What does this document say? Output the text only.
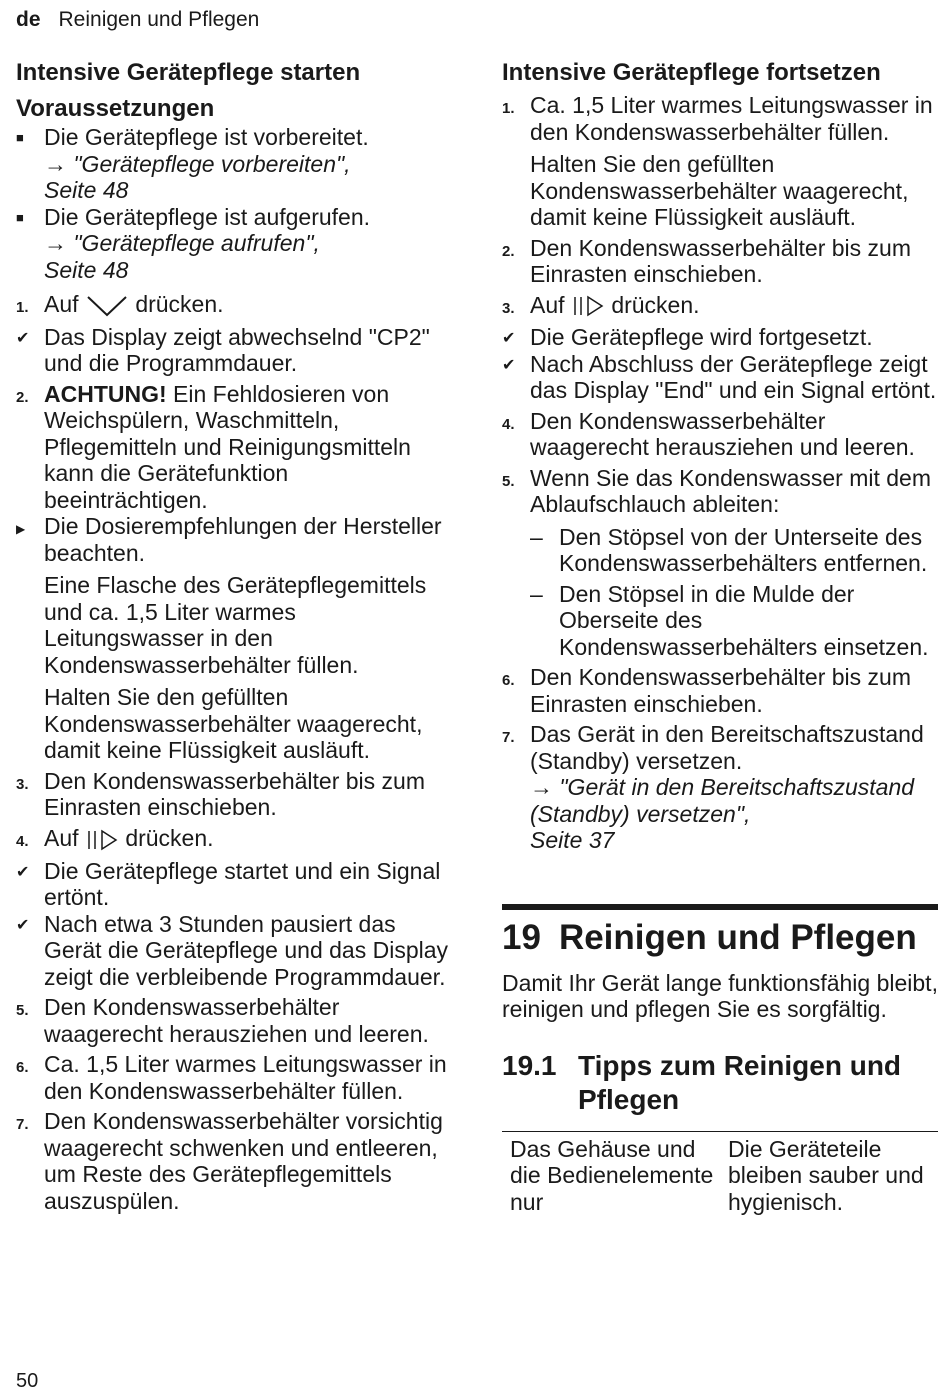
de Reinigen und Pflegen
Intensive Gerätepflege starten
Voraussetzungen
■ Die Gerätepflege ist vorbereitet.
→ "Gerätepflege vorbereiten",
Seite 48
■ Die Gerätepflege ist aufgerufen.
→ "Gerätepflege aufrufen",
Seite 48
1. Auf drücken.
✔ Das Display zeigt abwechselnd "CP2" und die Programmdauer.
2. ACHTUNG! Ein Fehldosieren von Weichspülern, Waschmitteln, Pflegemitteln und Reinigungsmitteln kann die Gerätefunktion beeinträchtigen.
▶ Die Dosierempfehlungen der Hersteller beachten.
Eine Flasche des Gerätepflegemittels und ca. 1,5 Liter warmes Leitungswasser in den Kondenswasserbehälter füllen.
Halten Sie den gefüllten Kondenswasserbehälter waagerecht, damit keine Flüssigkeit ausläuft.
3. Den Kondenswasserbehälter bis zum Einrasten einschieben.
4. Auf drücken.
✔ Die Gerätepflege startet und ein Signal ertönt.
✔ Nach etwa 3 Stunden pausiert das Gerät die Gerätepflege und das Display zeigt die verbleibende Programmdauer.
5. Den Kondenswasserbehälter waagerecht herausziehen und leeren.
6. Ca. 1,5 Liter warmes Leitungswasser in den Kondenswasserbehälter füllen.
7. Den Kondenswasserbehälter vorsichtig waagerecht schwenken und entleeren, um Reste des Gerätepflegemittels auszuspülen.
Intensive Gerätepflege fortsetzen
1. Ca. 1,5 Liter warmes Leitungswasser in den Kondenswasserbehälter füllen.
Halten Sie den gefüllten Kondenswasserbehälter waagerecht, damit keine Flüssigkeit ausläuft.
2. Den Kondenswasserbehälter bis zum Einrasten einschieben.
3. Auf drücken.
✔ Die Gerätepflege wird fortgesetzt.
✔ Nach Abschluss der Gerätepflege zeigt das Display "End" und ein Signal ertönt.
4. Den Kondenswasserbehälter waagerecht herausziehen und leeren.
5. Wenn Sie das Kondenswasser mit dem Ablaufschlauch ableiten:
– Den Stöpsel von der Unterseite des Kondenswasserbehälters entfernen.
– Den Stöpsel in die Mulde der Oberseite des Kondenswasserbehälters einsetzen.
6. Den Kondenswasserbehälter bis zum Einrasten einschieben.
7. Das Gerät in den Bereitschaftszustand (Standby) versetzen.
→ "Gerät in den Bereitschaftszustand (Standby) versetzen",
Seite 37
19 Reinigen und Pflegen
Damit Ihr Gerät lange funktionsfähig bleibt, reinigen und pflegen Sie es sorgfältig.
19.1 Tipps zum Reinigen und Pflegen
Das Gehäuse und die Bedienelemente nur
Die Geräteteile bleiben sauber und hygienisch.
50
